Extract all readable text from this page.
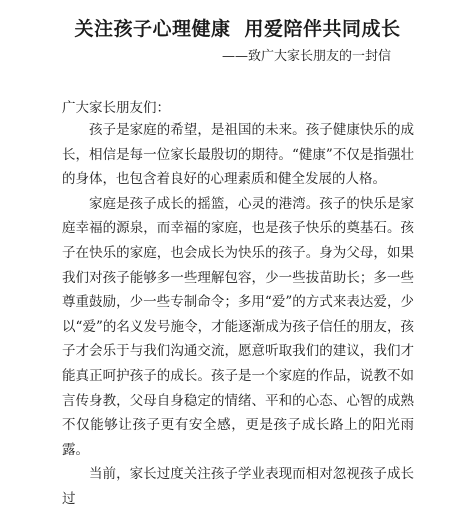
关注孩子心理健康 用爱陪伴共同成长

——致广大家长朋友的一封信

广大家长朋友们：

孩子是家庭的希望，是祖国的未来。孩子健康快乐的成长，相信是每一位家长最殷切的期待。“健康”不仅是指强壮的身体，也包含着良好的心理素质和健全发展的人格。

家庭是孩子成长的摇篮，心灵的港湾。孩子的快乐是家庭幸福的源泉，而幸福的家庭，也是孩子快乐的奠基石。孩子在快乐的家庭，也会成长为快乐的孩子。身为父母，如果我们对孩子能够多一些理解包容，少一些拔苗助长；多一些尊重鼓励，少一些专制命令；多用“爱”的方式来表达爱，少以“爱”的名义发号施令，才能逐渐成为孩子信任的朋友，孩子才会乐于与我们沟通交流，愿意听取我们的建议，我们才能真正呵护孩子的成长。孩子是一个家庭的作品，说教不如言传身教，父母自身稳定的情绪、平和的心态、心智的成熟不仅能够让孩子更有安全感，更是孩子成长路上的阳光雨露。

当前，家长过度关注孩子学业表现而相对忽视孩子成长过
